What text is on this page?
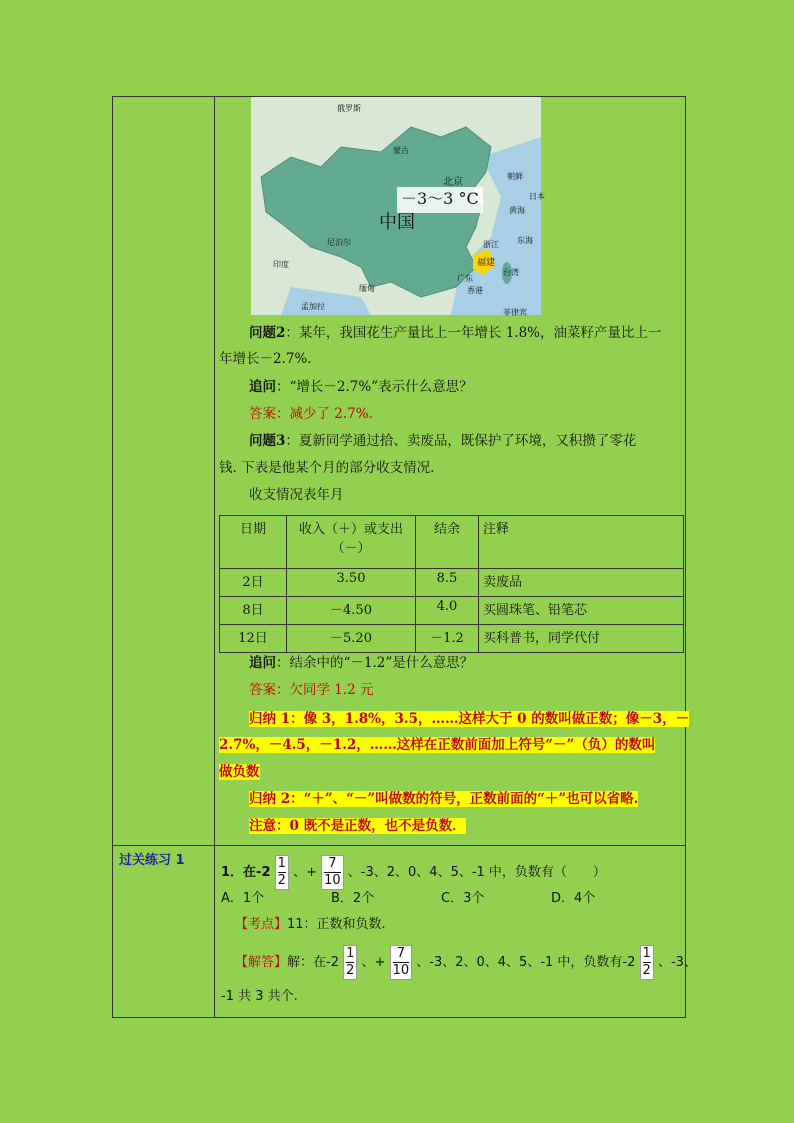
过关练习 1
俄罗斯
蒙古
北京
－3～3 °C
中国
朝鲜
日本
黄海
东海
浙江
福建
台湾
广东
香港
印度
尼泊尔
缅甸
孟加拉
菲律宾
问题2：某年，我国花生产量比上一年增长 1.8%，油菜籽产量比上一
年增长－2.7%.
追问：“增长－2.7%”表示什么意思？
答案：减少了 2.7%.
问题3：夏新同学通过拾、卖废品，既保护了环境，又积攒了零花
钱. 下表是他某个月的部分收支情况.
收支情况表年月
日期	收入（＋）或支出
（－）	结余	注释
2日	3.50	8.5	卖废品
8日	－4.50	4.0	买圆珠笔、铅笔芯
12日	－5.20	－1.2	买科普书，同学代付
追问：结余中的“－1.2”是什么意思？
答案：欠同学 1.2 元
归纳 1：像 3，1.8%，3.5，……这样大于 0 的数叫做正数；像－3，－
2.7%，－4.5，－1.2，……这样在正数前面加上符号“－”（负）的数叫
做负数
归纳 2：“＋”、“－”叫做数的符号，正数前面的“＋”也可以省略.
注意：0 既不是正数，也不是负数．
1．在$-2 \frac{1}{2}$ 、+ $\frac{7}{10}$ 、-3、2、0、4、5、-1 中，负数有（　　）
A．1个	B．2个	C．3个	D．4个
【考点】11：正数和负数.
【解答】解：在$-2 \frac{1}{2}$ 、+ $\frac{7}{10}$ 、-3、2、0、4、5、-1 中，负数有$-2 \frac{1}{2}$ 、-3、
-1 共 3 共个.
